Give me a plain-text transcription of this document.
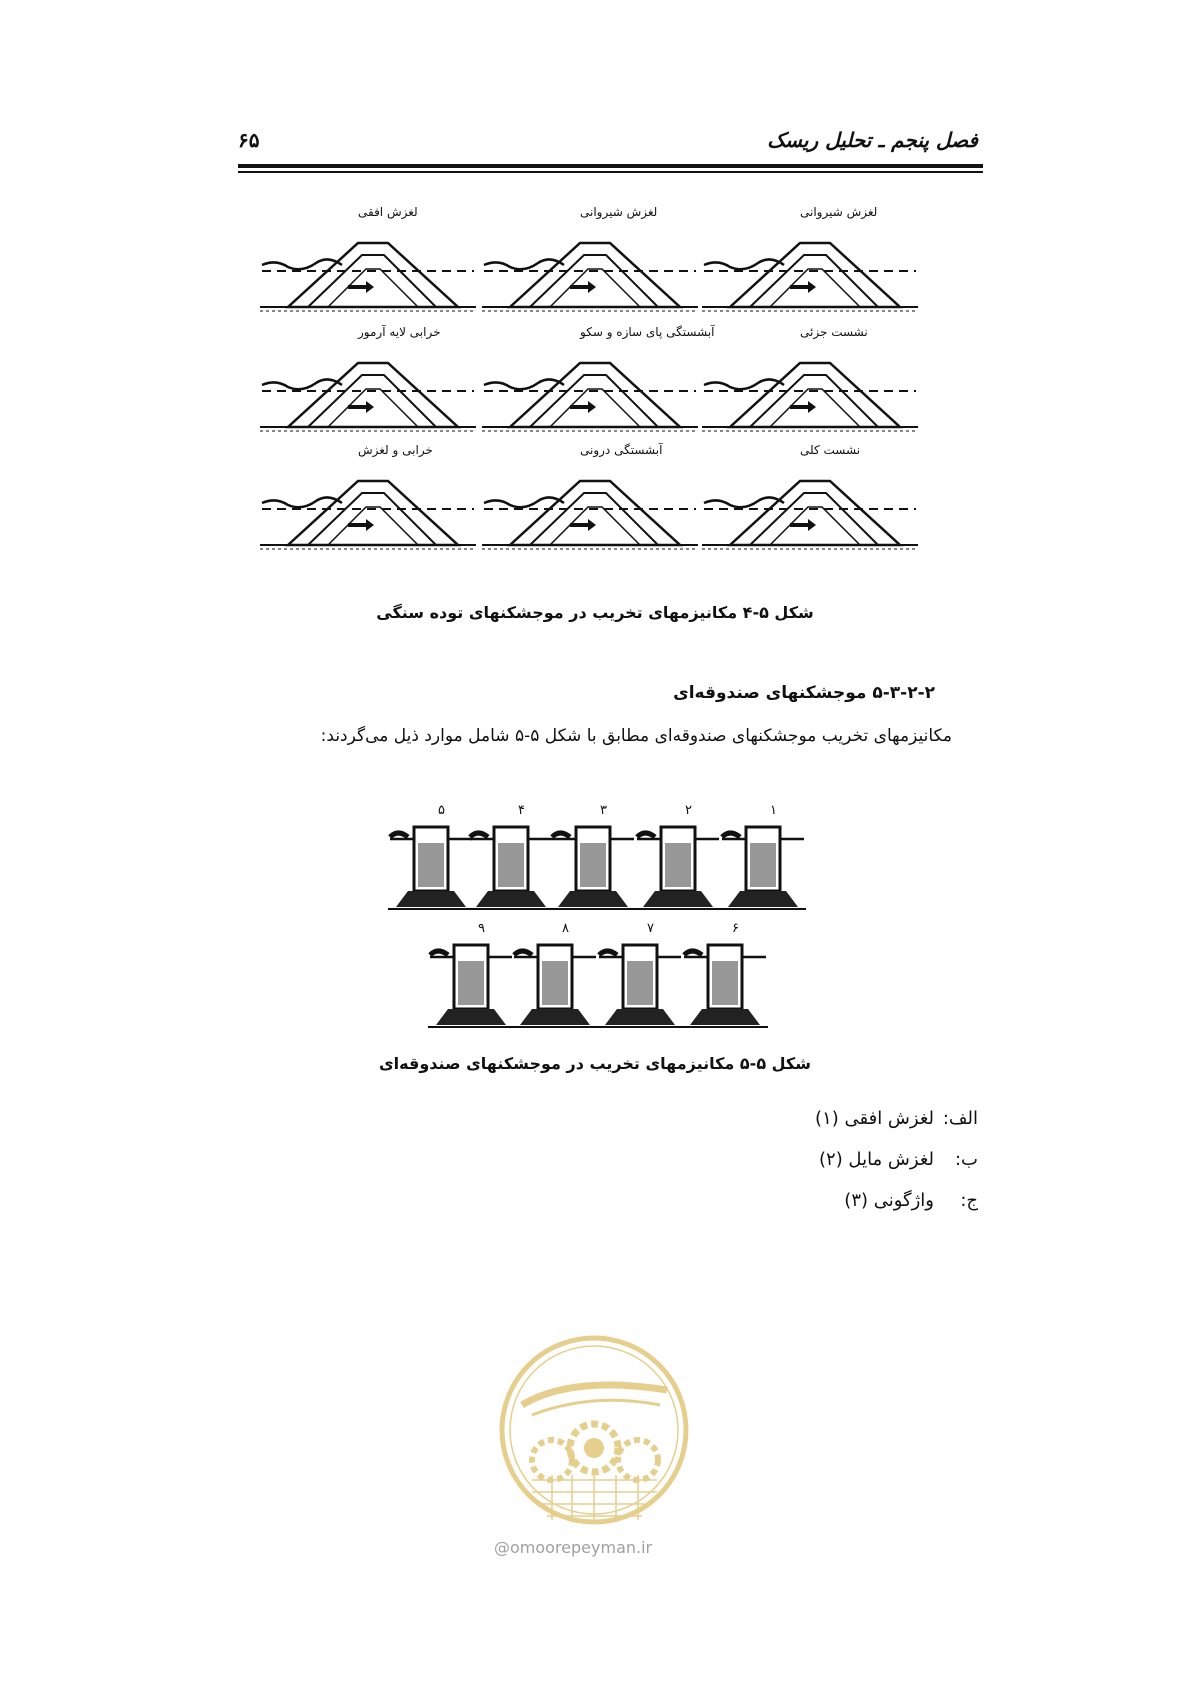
فصل پنجم ـ تحلیل ریسک
۶۵
لغزش شیروانی
لغزش شیروانی
لغزش افقی
نشست جزئی
آبشستگی پای سازه و سکو
خرابی لایه آرمور
نشست کلی
آبشستگی درونی
خرابی و لغزش
شکل ۵-۴ مکانیزمهای تخریب در موجشکنهای توده سنگی
۵-۳-۲-۲ موجشکنهای صندوقه‌ای
مکانیزمهای تخریب موجشکنهای صندوقه‌ای مطابق با شکل ۵-۵ شامل موارد ذیل می‌گردند:
۱
۲
۳
۴
۵
۶
۷
۸
۹
شکل ۵-۵ مکانیزمهای تخریب در موجشکنهای صندوقه‌ای
الف:لغزش افقی (۱)
ب:لغزش مایل (۲)
ج:واژگونی (۳)
@omoorepeyman.ir
